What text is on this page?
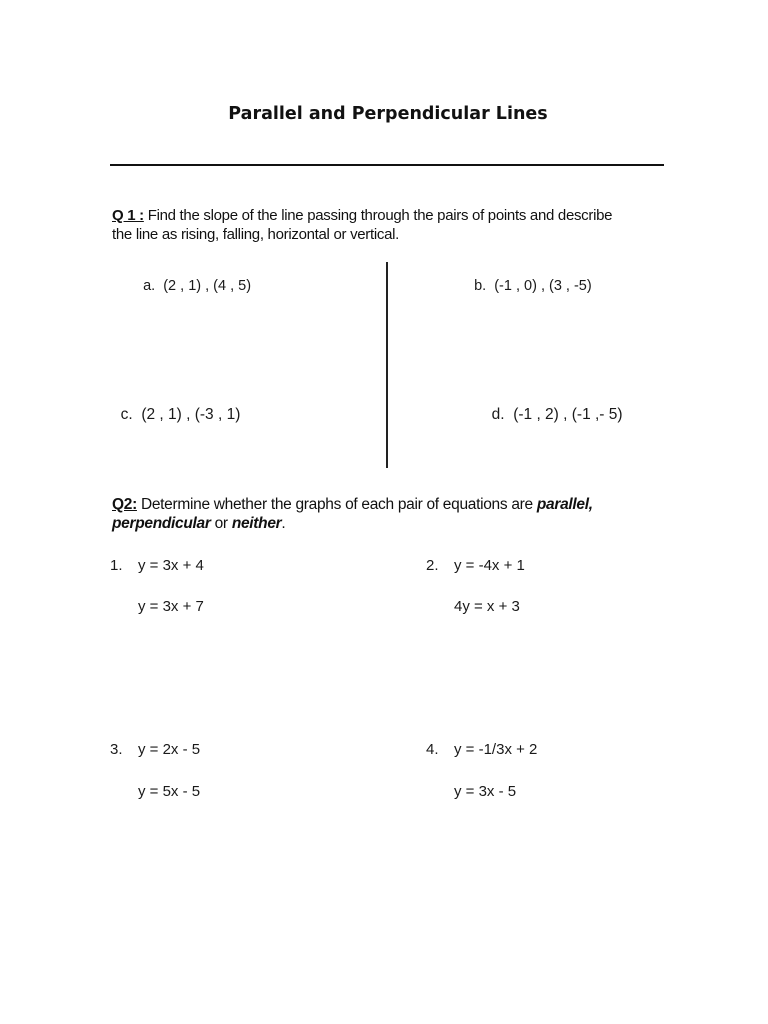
Parallel and Perpendicular Lines
Q 1 : Find the slope of the line passing through the pairs of points and describe
the line as rising, falling, horizontal or vertical.

a. (2 , 1) , (4 , 5)	b. (-1 , 0) , (3 , -5)

c. (2 , 1) , (-3 , 1)	d. (-1 , 2) , (-1 ,- 5)

Q2: Determine whether the graphs of each pair of equations are parallel,
perpendicular or neither.
1. y = 3x + 4
y = 3x + 7
2. y = -4x + 1
4y = x + 3
3. y = 2x - 5
y = 5x - 5
4. y = -1/3x + 2
y = 3x - 5
